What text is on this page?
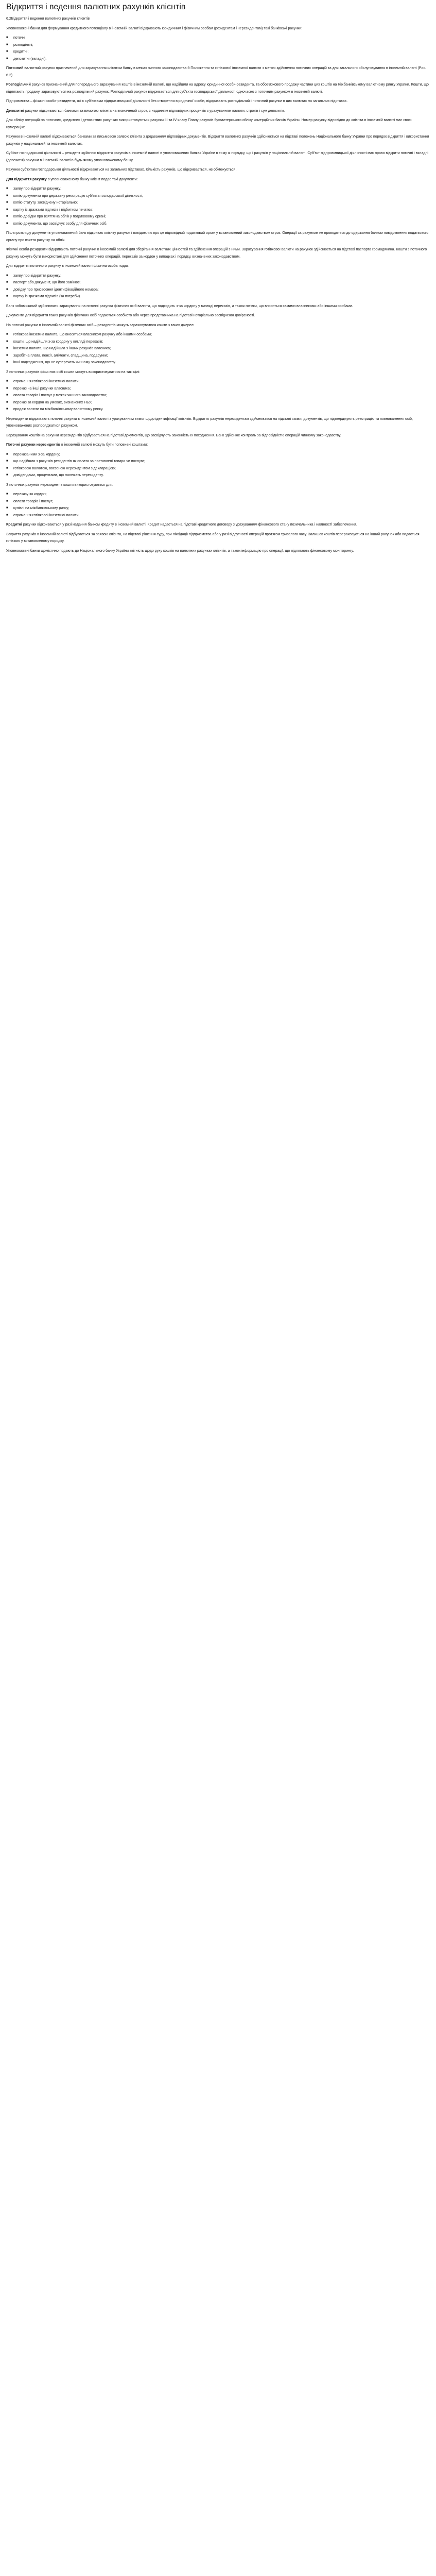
Відкриття і ведення валютних рахунків клієнтів
6.2Відкриття і ведення валютних рахунків клієнтів
Уповноважені банки для формування кредитного потенціалу в іноземній валюті відкривають юридичним і фізичним особам (резидентам і нерезидентам) такі банківські рахунки:
■ поточні;
■ розподільчі;
■ кредитні;
■ депозитні (вкладні).
Поточний валютний рахунок призначений для зарахування клієнтом банку в межах чинного законодавства й Положення та готівкової іноземної валюти з метою здійснення поточних операцій та для загального обслуговування в іноземній валюті (Рис. 6.2).
Розподільчий рахунок призначений для попереднього зарахування коштів в іноземній валюті, що надійшли на адресу юридичної особи-резидента, та обов'язкового продажу частини цих коштів на міжбанківському валютному ринку України. Кошти, що підлягають продажу, зараховуються на розподільчий рахунок. Розподільчий рахунок відкривається для суб'єкта господарської діяльності одночасно з поточним рахунком в іноземній валюті.
Підприємства – фізичні особи-резиденти, які є суб'єктами підприємницької діяльності без створення юридичної особи, відкривають розподільчий і поточний рахунки в цих валютах на загальних підставах.
Депозитні рахунки відкриваються банками за вимогою клієнта на визначений строк, з наданням відповідних процентів з урахуванням валюти, строків і сум депозитів.
Для обліку операцій на поточних, кредитних і депозитних рахунках використовуються рахунки III та IV класу Плану рахунків бухгалтерського обліку комерційних банків України. Номер рахунку відповідно до клієнта в іноземній валюті має свою нумерацію:
Рахунки в іноземній валюті відкриваються банками за письмовою заявою клієнта з додаванням відповідних документів. Відкриття валютних рахунків здійснюється на підставі положень Національного банку України про порядок відкриття і використання рахунків у національній та іноземній валютах.
Суб'єкт господарської діяльності – резидент здійснює відкриття рахунків в іноземній валюті в уповноважених банках України в тому ж порядку, що і рахунків у національній валюті. Суб'єкт підприємницької діяльності має право відкрити поточні і вкладні (депозитні) рахунки в іноземній валюті в будь-якому уповноваженому банку.
Рахунки суб'єктам господарської діяльності відкриваються на загальних підставах. Кількість рахунків, що відкривається, не обмежується.
Для відкриття рахунку в уповноваженому банку клієнт подає такі документи:
■ заяву про відкриття рахунку;
■ копію документа про державну реєстрацію суб'єкта господарської діяльності;
■ копію статуту, засвідчену нотаріально;
■ картку із зразками підписів і відбитком печатки;
■ копію довідки про взяття на облік у податковому органі;
■ копію документа, що засвідчує особу для фізичних осіб.
Після розгляду документів уповноважений банк відкриває клієнту рахунок і повідомляє про це відповідний податковий орган у встановлений законодавством строк. Операції за рахунком не проводяться до одержання банком повідомлення податкового органу про взяття рахунку на облік.
Фізичні особи-резиденти відкривають поточні рахунки в іноземній валюті для зберігання валютних цінностей та здійснення операцій з ними. Зарахування готівкової валюти на рахунок здійснюється на підставі паспорта громадянина. Кошти з поточного рахунку можуть бути використані для здійснення поточних операцій, переказів за кордон у випадках і порядку, визначених законодавством.
Для відкриття поточного рахунку в іноземній валюті фізична особа подає:
■ заяву про відкриття рахунку;
■ паспорт або документ, що його замінює;
■ довідку про присвоєння ідентифікаційного номера;
■ картку із зразками підписів (за потреби).
Банк зобов'язаний здійснювати зарахування на поточні рахунки фізичних осіб валюти, що надходить з-за кордону у вигляді переказів, а також готівки, що вноситься самими власниками або іншими особами.
Документи для відкриття таких рахунків фізичних осіб подаються особисто або через представника на підставі нотаріально засвідченої довіреності.
На поточні рахунки в іноземній валюті фізичних осіб – резидентів можуть зараховуватися кошти з таких джерел:
■ готівкова іноземна валюта, що вноситься власником рахунку або іншими особами;
■ кошти, що надійшли з-за кордону у вигляді переказів;
■ іноземна валюта, що надійшла з інших рахунків власника;
■ заробітна плата, пенсії, аліменти, спадщина, подарунки;
■ інші надходження, що не суперечать чинному законодавству.
З поточних рахунків фізичних осіб кошти можуть використовуватися на такі цілі:
■ отримання готівкової іноземної валюти;
■ переказ на інші рахунки власника;
■ оплата товарів і послуг у межах чинного законодавства;
■ переказ за кордон на умовах, визначених НБУ;
■ продаж валюти на міжбанківському валютному ринку.
Нерезиденти відкривають поточні рахунки в іноземній валюті з урахуванням вимог щодо ідентифікації клієнтів. Відкриття рахунків нерезидентам здійснюється на підставі заяви, документів, що підтверджують реєстрацію та повноваження осіб, уповноважених розпоряджатися рахунком.
Зарахування коштів на рахунки нерезидентів відбувається на підставі документів, що засвідчують законність їх походження. Банк здійснює контроль за відповідністю операцій чинному законодавству.
Поточні рахунки нерезидентів в іноземній валюті можуть бути поповнені коштами:
■ переказаними з-за кордону;
■ що надійшли з рахунків резидентів як оплата за поставлені товари чи послуги;
■ готівковою валютою, ввезеною нерезидентом з декларацією;
■ дивідендами, процентами, що належать нерезиденту.
З поточних рахунків нерезидентів кошти використовуються для:
■ переказу за кордон;
■ оплати товарів і послуг;
■ купівлі на міжбанківському ринку;
■ отримання готівкової іноземної валюти.
Кредитні рахунки відкриваються у разі надання банком кредиту в іноземній валюті. Кредит надається на підставі кредитного договору з урахуванням фінансового стану позичальника і наявності забезпечення.
Закриття рахунків в іноземній валюті відбувається за заявою клієнта, на підставі рішення суду, при ліквідації підприємства або у разі відсутності операцій протягом тривалого часу. Залишок коштів перераховується на інший рахунок або видається готівкою у встановленому порядку.
Уповноважені банки щомісячно подають до Національного банку України звітність щодо руху коштів на валютних рахунках клієнтів, а також інформацію про операції, що підлягають фінансовому моніторингу.
